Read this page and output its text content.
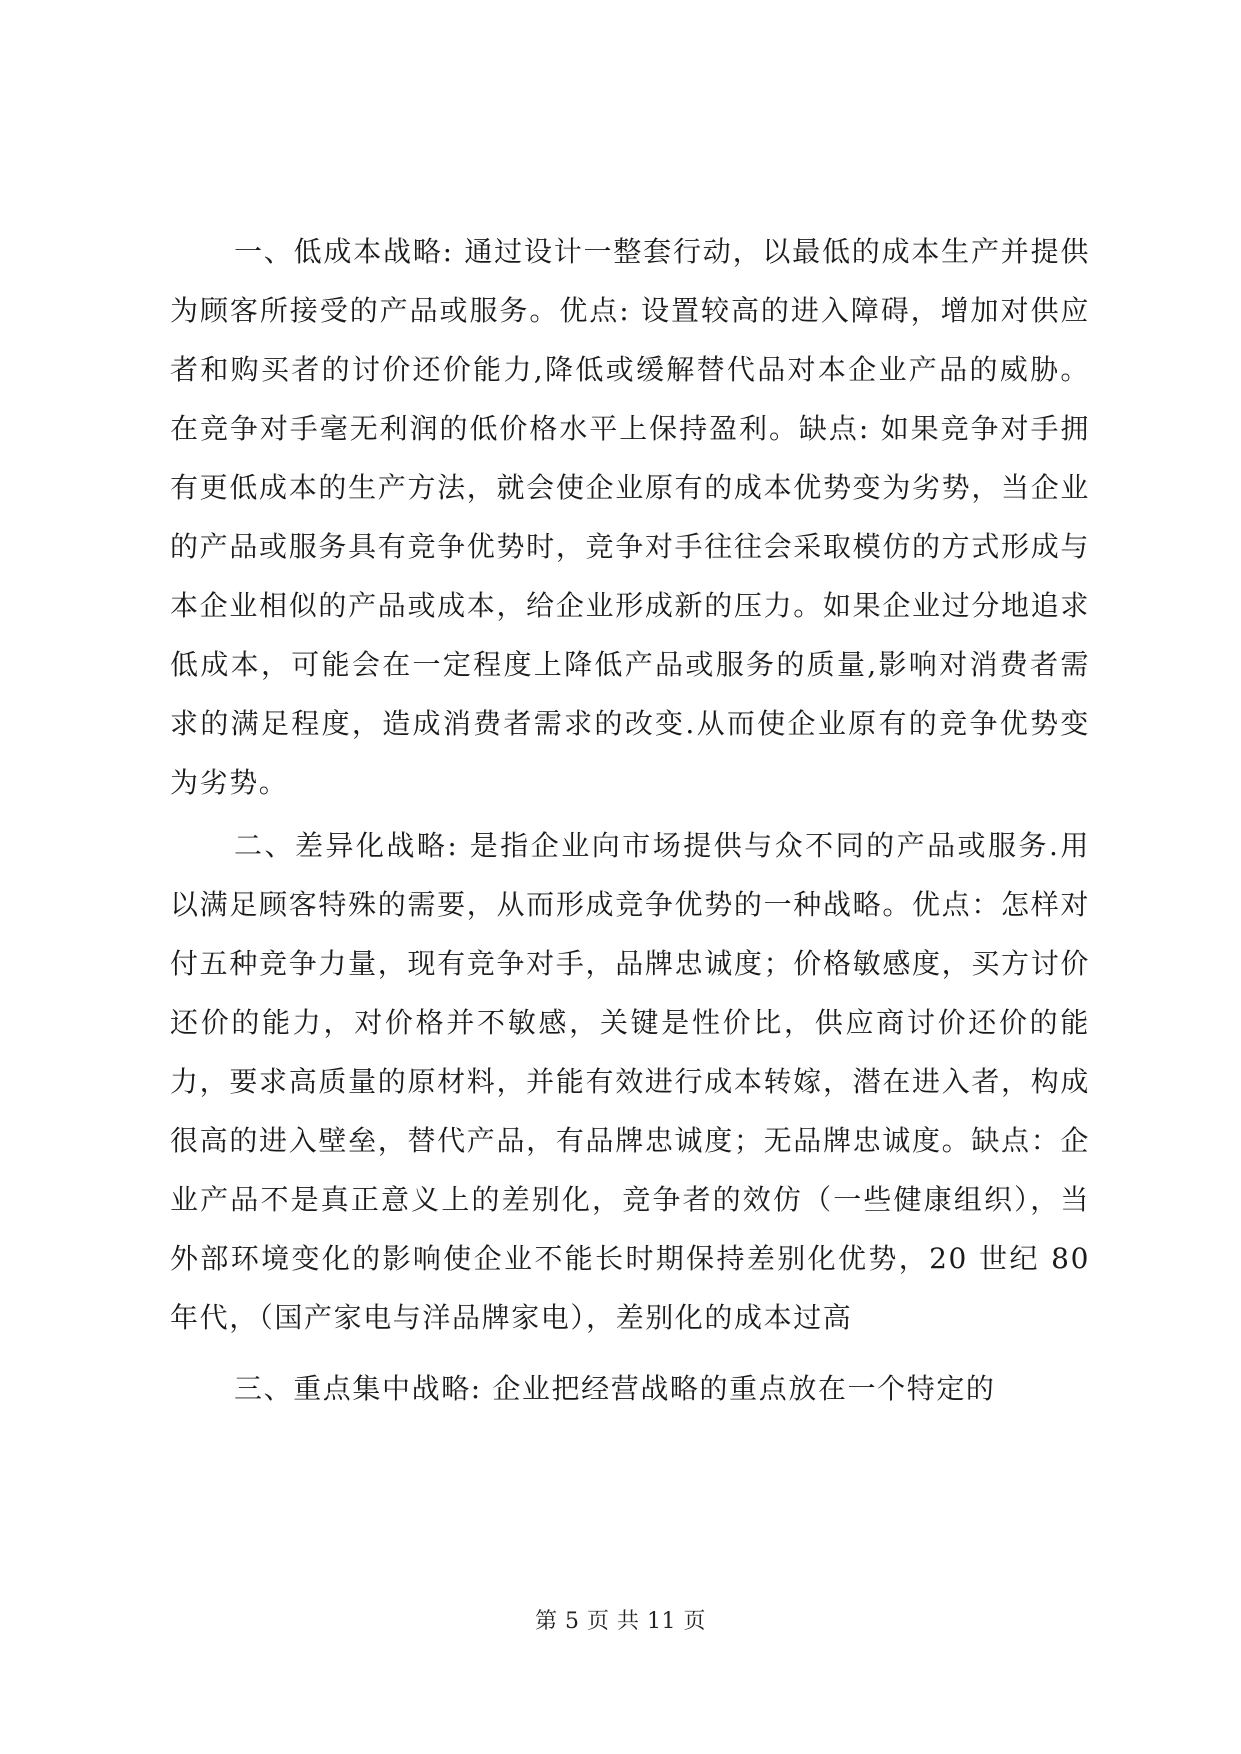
一、低成本战略: 通过设计一整套行动，以最低的成本生产并提供为顾客所接受的产品或服务。优点: 设置较高的进入障碍，增加对供应者和购买者的讨价还价能力,降低或缓解替代品对本企业产品的威胁。在竞争对手毫无利润的低价格水平上保持盈利。缺点: 如果竞争对手拥有更低成本的生产方法，就会使企业原有的成本优势变为劣势，当企业的产品或服务具有竞争优势时，竞争对手往往会采取模仿的方式形成与本企业相似的产品或成本，给企业形成新的压力。如果企业过分地追求低成本，可能会在一定程度上降低产品或服务的质量,影响对消费者需求的满足程度，造成消费者需求的改变.从而使企业原有的竞争优势变为劣势。

二、差异化战略: 是指企业向市场提供与众不同的产品或服务.用以满足顾客特殊的需要，从而形成竞争优势的一种战略。优点：怎样对付五种竞争力量，现有竞争对手，品牌忠诚度；价格敏感度，买方讨价还价的能力，对价格并不敏感，关键是性价比，供应商讨价还价的能力，要求高质量的原材料，并能有效进行成本转嫁，潜在进入者，构成很高的进入壁垒，替代产品，有品牌忠诚度；无品牌忠诚度。缺点：企业产品不是真正意义上的差别化，竞争者的效仿（一些健康组织），当外部环境变化的影响使企业不能长时期保持差别化优势，20 世纪 80 年代，（国产家电与洋品牌家电），差别化的成本过高

三、重点集中战略: 企业把经营战略的重点放在一个特定的

第 5 页 共 11 页
